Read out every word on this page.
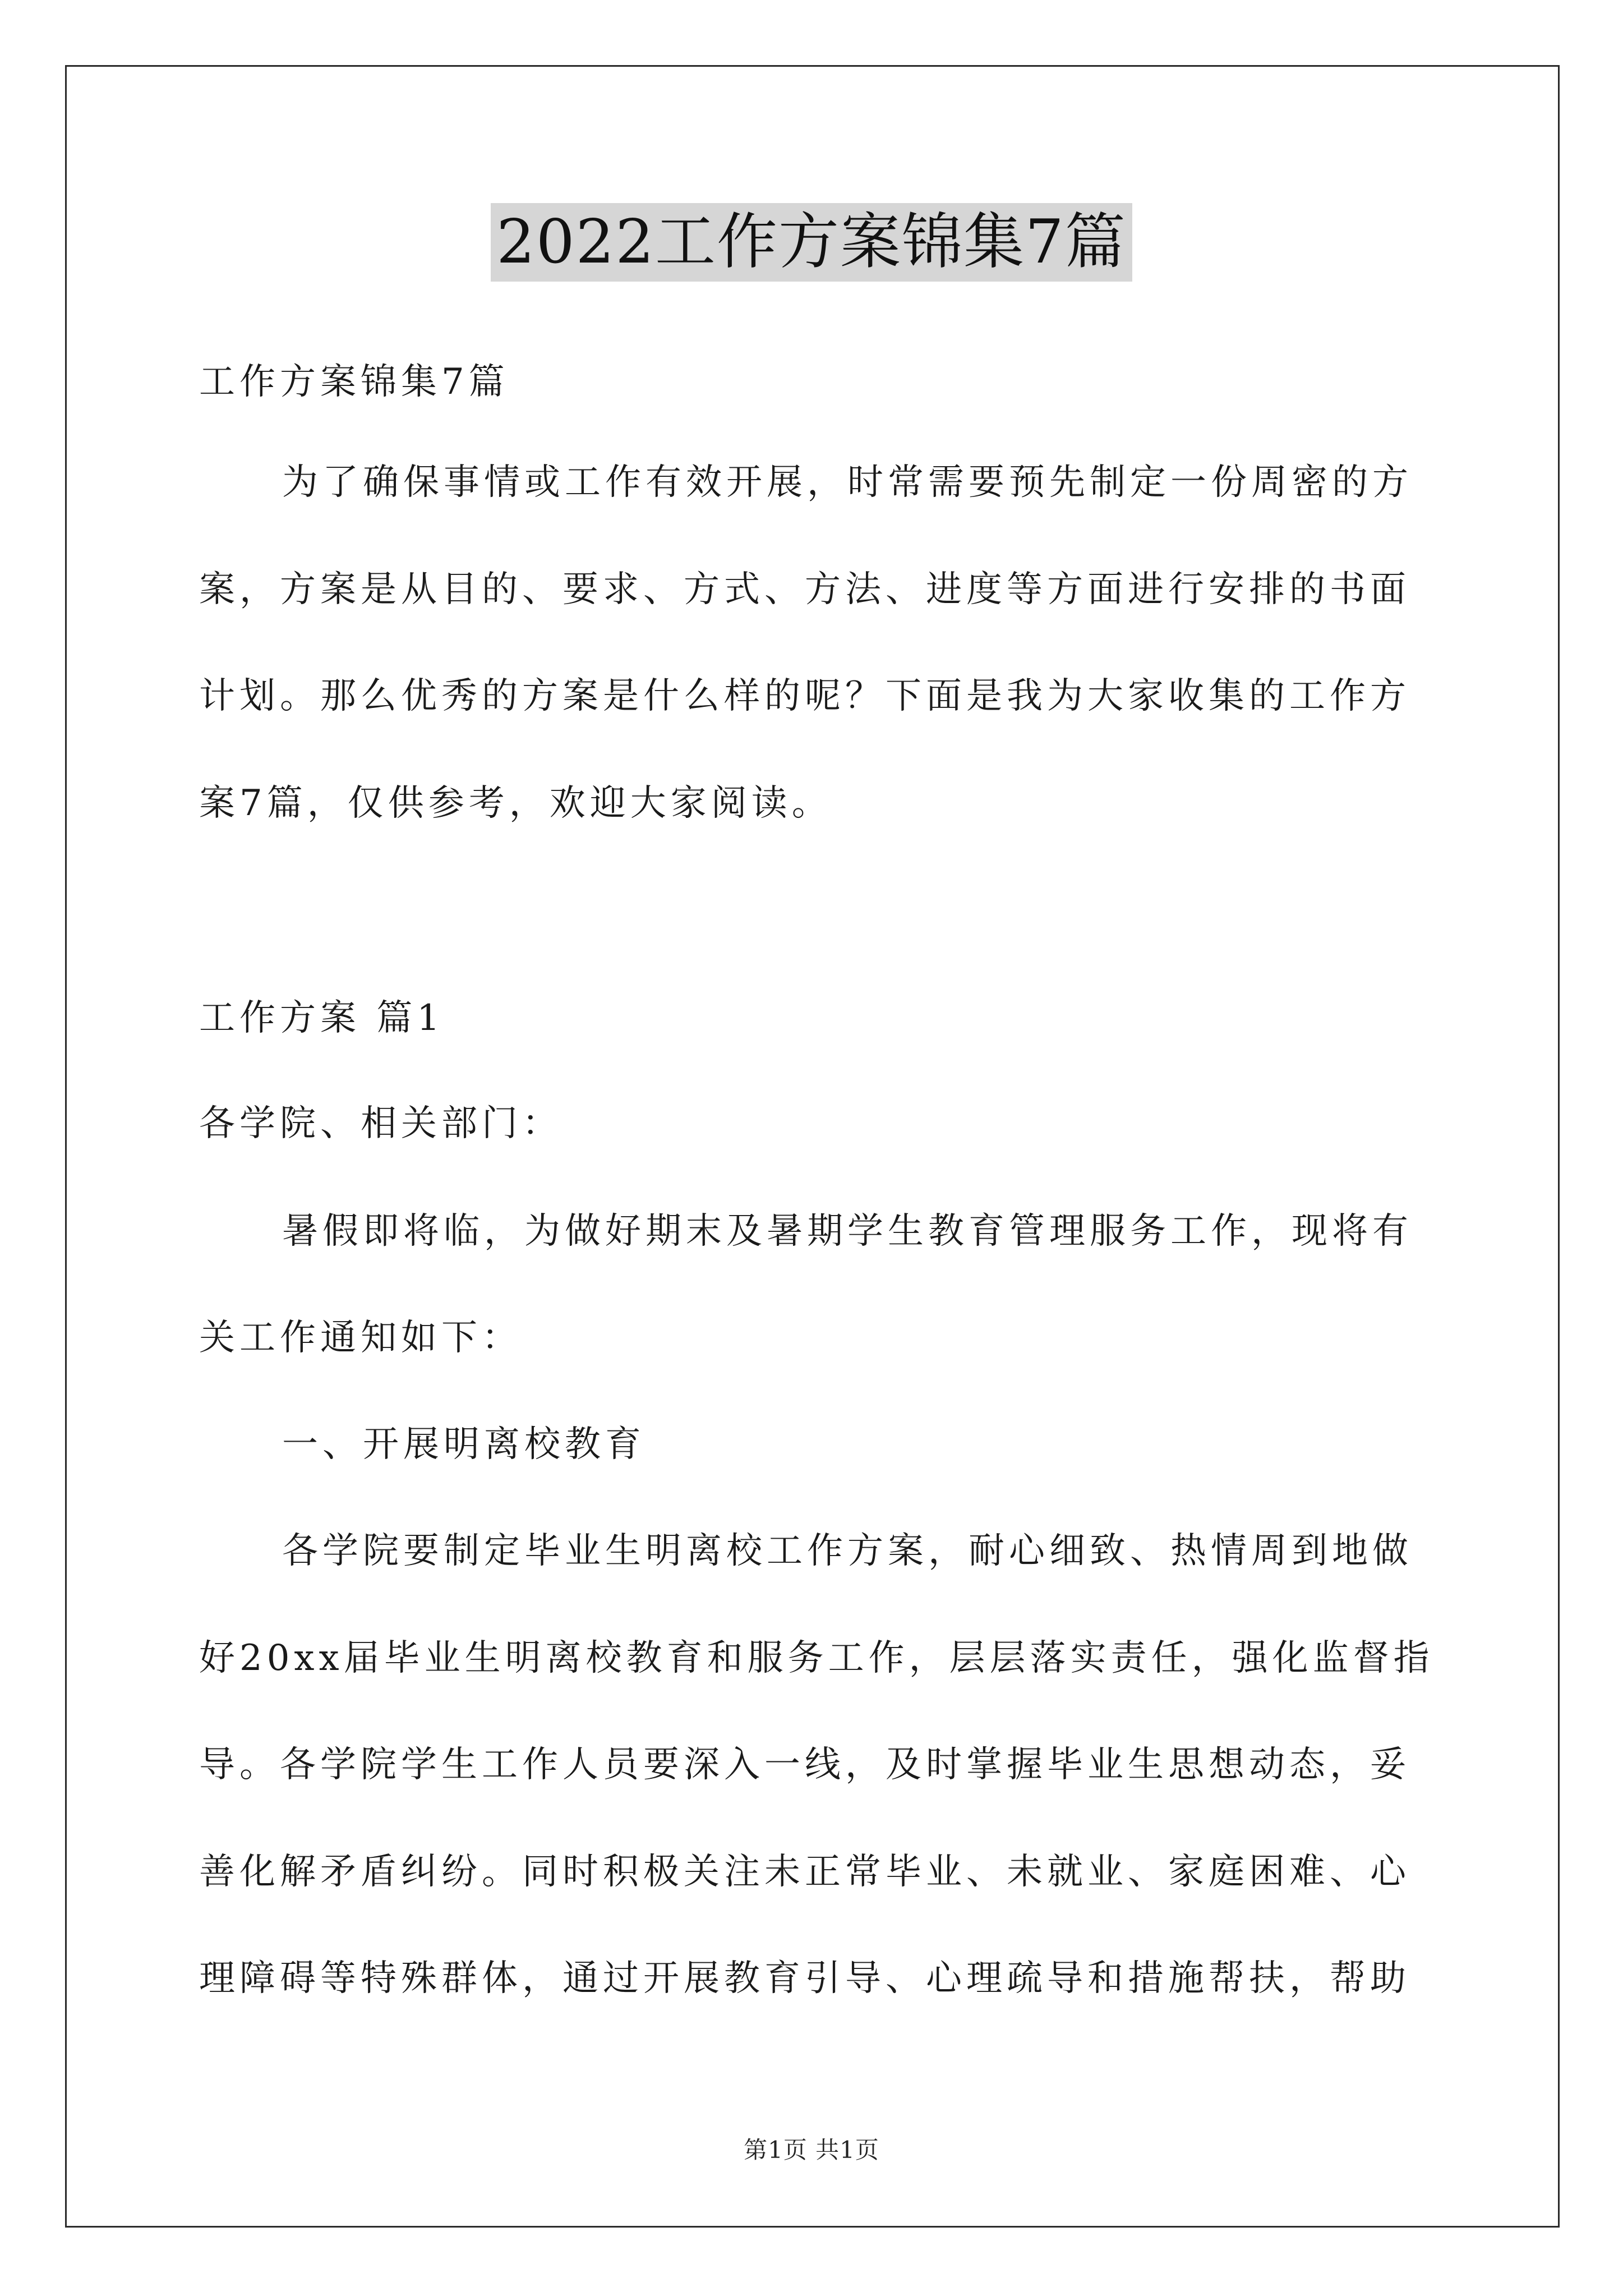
2022工作方案锦集7篇
工作方案锦集7篇
为了确保事情或工作有效开展，时常需要预先制定一份周密的方
案，方案是从目的、要求、方式、方法、进度等方面进行安排的书面
计划。那么优秀的方案是什么样的呢？下面是我为大家收集的工作方
案7篇，仅供参考，欢迎大家阅读。
工作方案 篇1
各学院、相关部门：
暑假即将临，为做好期末及暑期学生教育管理服务工作，现将有
关工作通知如下：
一、开展明离校教育
各学院要制定毕业生明离校工作方案，耐心细致、热情周到地做
好20xx届毕业生明离校教育和服务工作，层层落实责任，强化监督指
导。各学院学生工作人员要深入一线，及时掌握毕业生思想动态，妥
善化解矛盾纠纷。同时积极关注未正常毕业、未就业、家庭困难、心
理障碍等特殊群体，通过开展教育引导、心理疏导和措施帮扶，帮助
第1页 共1页
